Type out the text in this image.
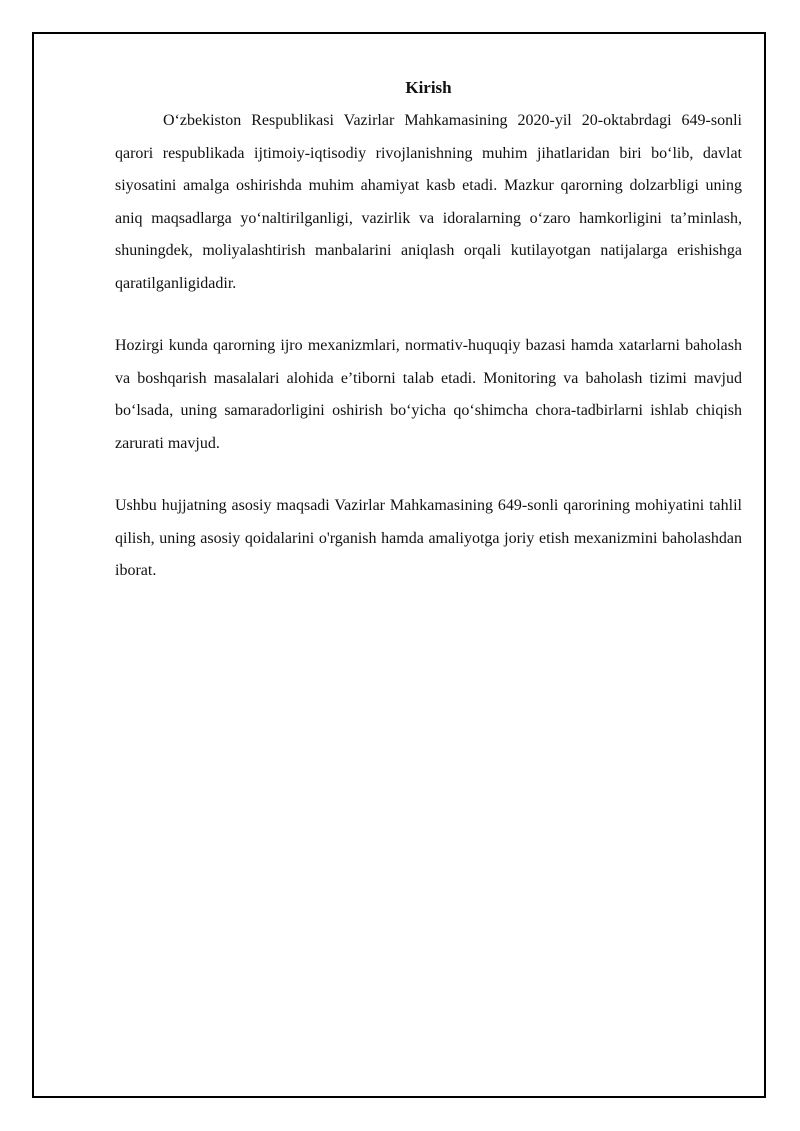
Kirish

O‘zbekiston Respublikasi Vazirlar Mahkamasining 2020-yil 20-oktabrdagi 649-sonli qarori respublikada ijtimoiy-iqtisodiy rivojlanishning muhim jihatlaridan biri bo‘lib, davlat siyosatini amalga oshirishda muhim ahamiyat kasb etadi. Mazkur qarorning dolzarbligi uning aniq maqsadlarga yo‘naltirilganligi, vazirlik va idoralarning o‘zaro hamkorligini ta’minlash, shuningdek, moliyalashtirish manbalarini aniqlash orqali kutilayotgan natijalarga erishishga qaratilganligidadir.

Hozirgi kunda qarorning ijro mexanizmlari, normativ-huquqiy bazasi hamda xatarlarni baholash va boshqarish masalalari alohida e’tiborni talab etadi. Monitoring va baholash tizimi mavjud bo‘lsada, uning samaradorligini oshirish bo‘yicha qo‘shimcha chora-tadbirlarni ishlab chiqish zarurati mavjud.

Ushbu hujjatning asosiy maqsadi Vazirlar Mahkamasining 649-sonli qarorining mohiyatini tahlil qilish, uning asosiy qoidalarini o'rganish hamda amaliyotga joriy etish mexanizmini baholashdan iborat.
